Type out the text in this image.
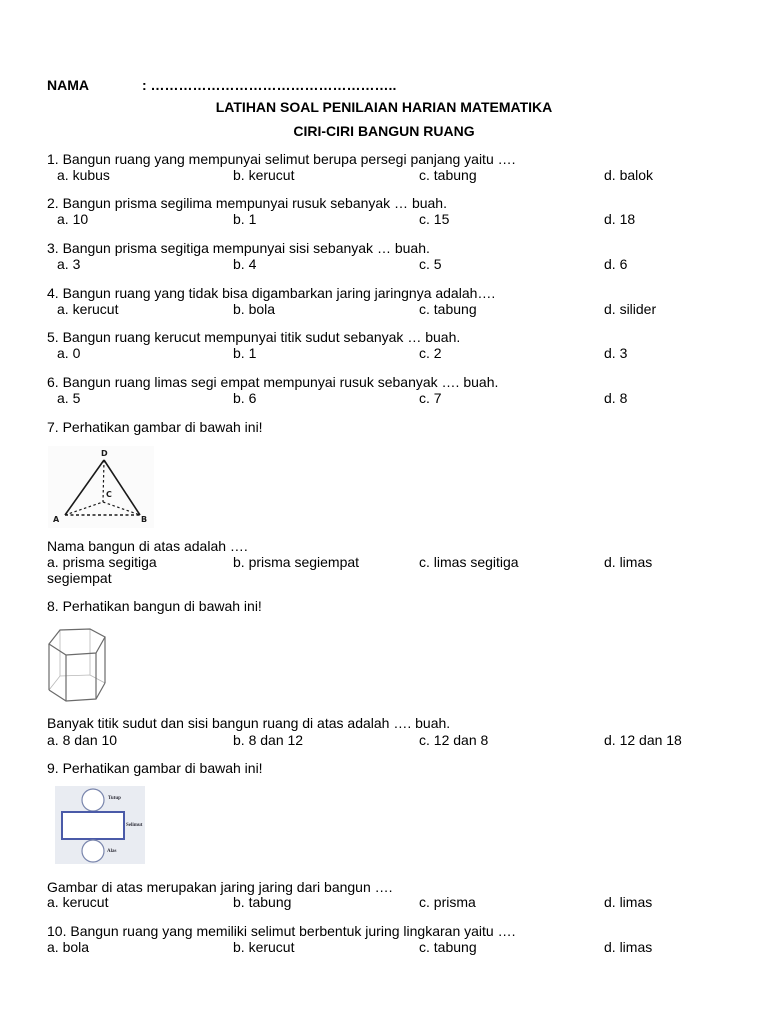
NAMA	: ……………………………………………..
LATIHAN SOAL PENILAIAN HARIAN MATEMATIKA
CIRI-CIRI BANGUN RUANG
1. Bangun ruang yang mempunyai selimut berupa persegi panjang yaitu ….
a. kubus	b. kerucut	c. tabung	d. balok
2. Bangun prisma segilima mempunyai rusuk sebanyak … buah.
a. 10	b. 1	c. 15	d. 18
3. Bangun prisma segitiga mempunyai sisi sebanyak … buah.
a. 3	b. 4	c. 5	d. 6
4. Bangun ruang yang tidak bisa digambarkan jaring jaringnya adalah….
a. kerucut	b. bola	c. tabung	d. silider
5. Bangun ruang kerucut mempunyai titik sudut sebanyak … buah.
a. 0	b. 1	c. 2	d. 3
6. Bangun ruang limas segi empat mempunyai rusuk sebanyak …. buah.
a. 5	b. 6	c. 7	d. 8
7. Perhatikan gambar di bawah ini!
D
C
A	B
Nama bangun di atas adalah ….
a. prisma segitiga	b. prisma segiempat	c. limas segitiga	d. limas segiempat
8. Perhatikan bangun di bawah ini!
Banyak titik sudut dan sisi bangun ruang di atas adalah …. buah.
a. 8 dan 10	b. 8 dan 12	c. 12 dan 8	d. 12 dan 18
9. Perhatikan gambar di bawah ini!
Tutup
Selimut
Alas
Gambar di atas merupakan jaring jaring dari bangun ….
a. kerucut	b. tabung	c. prisma	d. limas
10. Bangun ruang yang memiliki selimut berbentuk juring lingkaran yaitu ….
a. bola	b. kerucut	c. tabung	d. limas
